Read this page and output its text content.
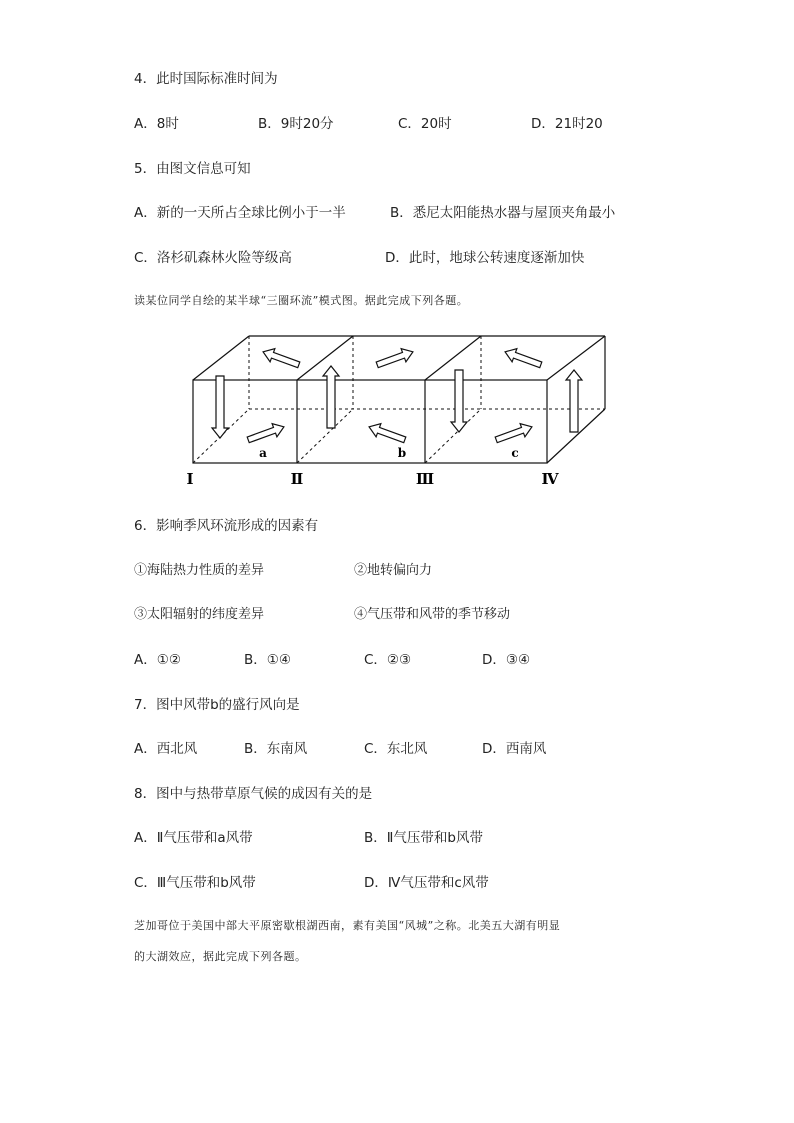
4．此时国际标准时间为
A．8时	B．9时20分	C．20时	D．21时20
5．由图文信息可知
A．新的一天所占全球比例小于一半	B．悉尼太阳能热水器与屋顶夹角最小
C．洛杉矶森林火险等级高	D．此时，地球公转速度逐渐加快
读某位同学自绘的某半球“三圈环流”模式图。据此完成下列各题。
a	b	c
Ⅰ	Ⅱ	Ⅲ	Ⅳ
6．影响季风环流形成的因素有
①海陆热力性质的差异	②地转偏向力
③太阳辐射的纬度差异	④气压带和风带的季节移动
A．①②	B．①④	C．②③	D．③④
7．图中风带b的盛行风向是
A．西北风	B．东南风	C．东北风	D．西南风
8．图中与热带草原气候的成因有关的是
A．Ⅱ气压带和a风带	B．Ⅱ气压带和b风带
C．Ⅲ气压带和b风带	D．Ⅳ气压带和c风带
芝加哥位于美国中部大平原密歇根湖西南，素有美国“风城”之称。北美五大湖有明显
的大湖效应，据此完成下列各题。
